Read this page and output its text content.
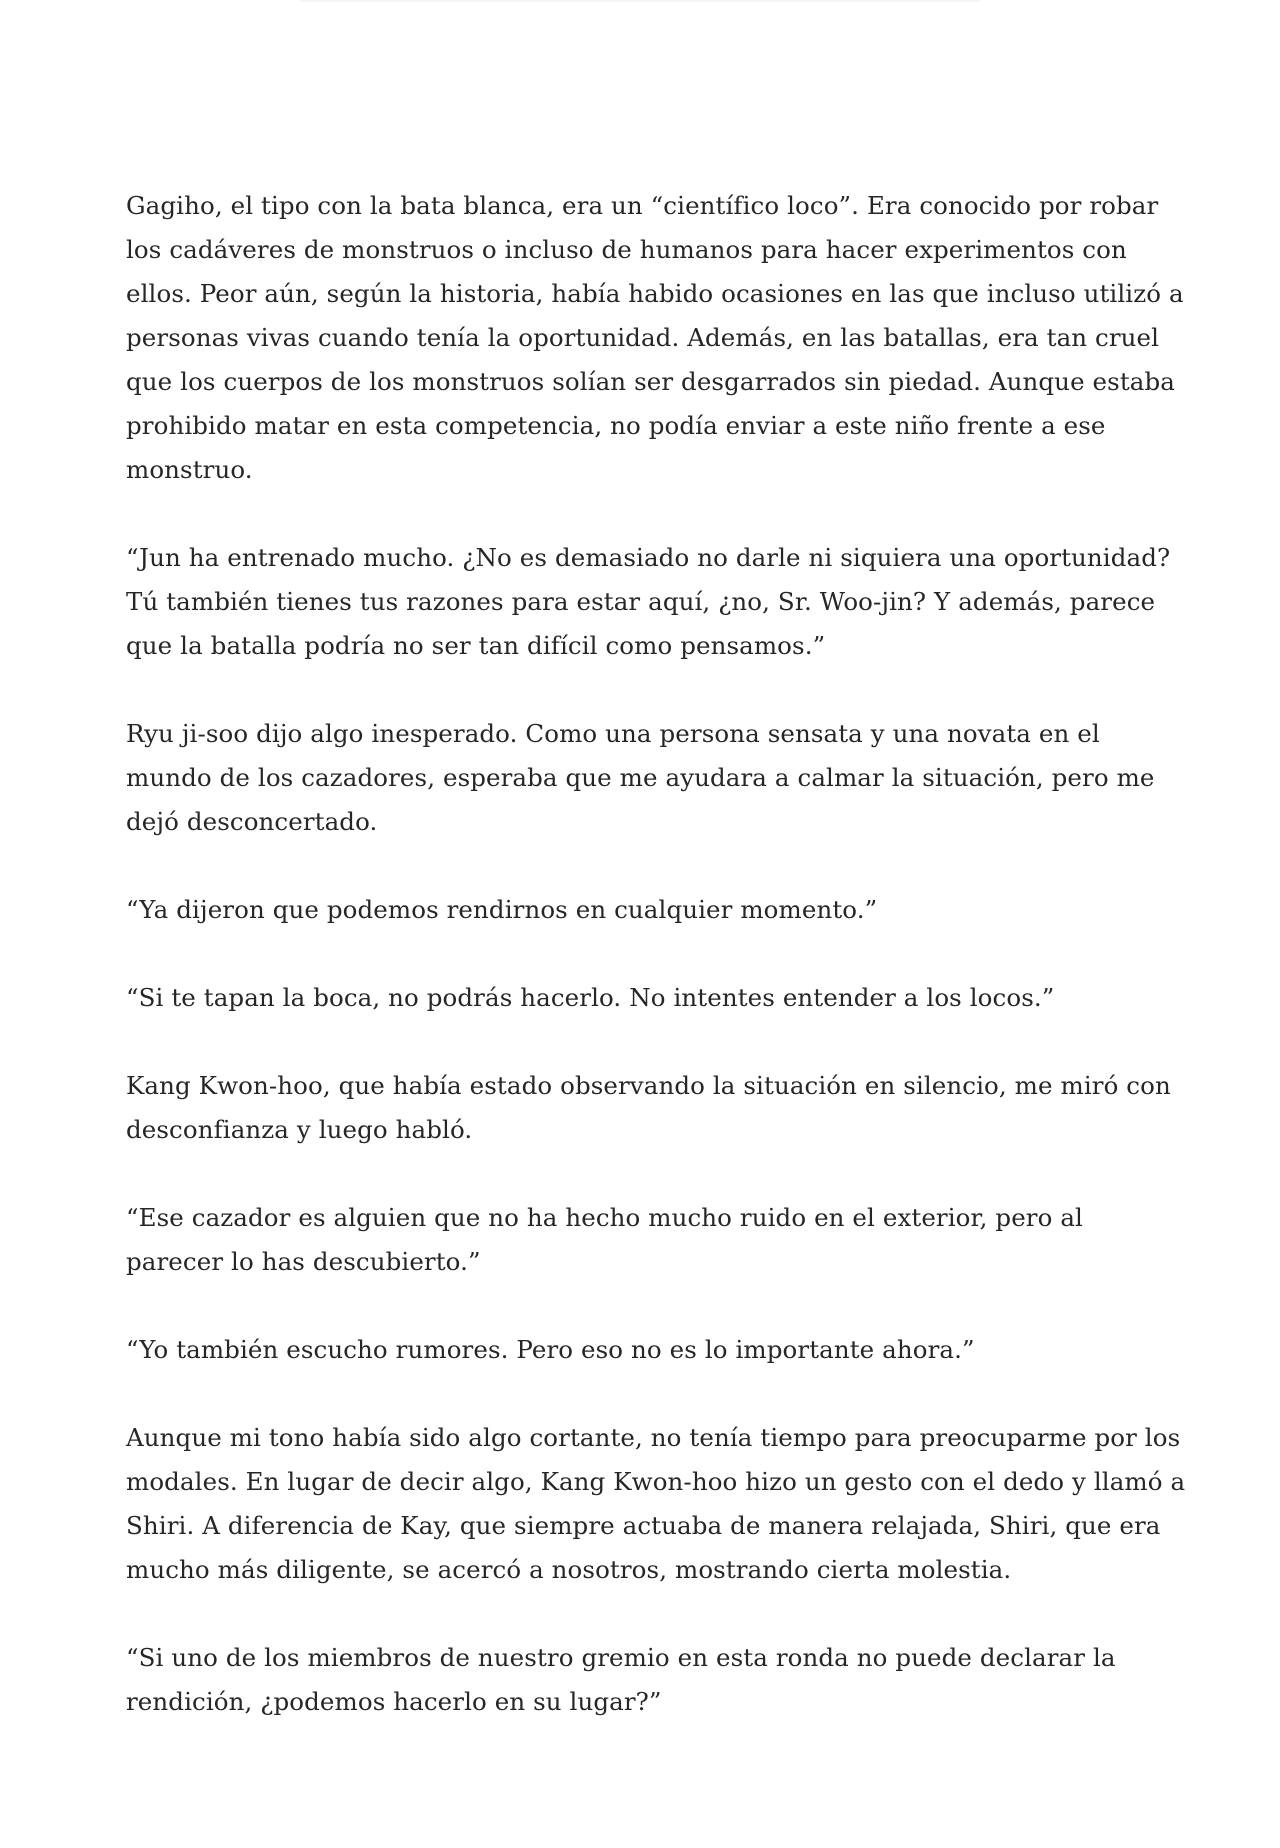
Gagiho, el tipo con la bata blanca, era un “científico loco”. Era conocido por robar los cadáveres de monstruos o incluso de humanos para hacer experimentos con ellos. Peor aún, según la historia, había habido ocasiones en las que incluso utilizó a personas vivas cuando tenía la oportunidad. Además, en las batallas, era tan cruel que los cuerpos de los monstruos solían ser desgarrados sin piedad. Aunque estaba prohibido matar en esta competencia, no podía enviar a este niño frente a ese monstruo.

“Jun ha entrenado mucho. ¿No es demasiado no darle ni siquiera una oportunidad? Tú también tienes tus razones para estar aquí, ¿no, Sr. Woo-jin? Y además, parece que la batalla podría no ser tan difícil como pensamos.”

Ryu ji-soo dijo algo inesperado. Como una persona sensata y una novata en el mundo de los cazadores, esperaba que me ayudara a calmar la situación, pero me dejó desconcertado.

“Ya dijeron que podemos rendirnos en cualquier momento.”

“Si te tapan la boca, no podrás hacerlo. No intentes entender a los locos.”

Kang Kwon-hoo, que había estado observando la situación en silencio, me miró con desconfianza y luego habló.

“Ese cazador es alguien que no ha hecho mucho ruido en el exterior, pero al parecer lo has descubierto.”

“Yo también escucho rumores. Pero eso no es lo importante ahora.”

Aunque mi tono había sido algo cortante, no tenía tiempo para preocuparme por los modales. En lugar de decir algo, Kang Kwon-hoo hizo un gesto con el dedo y llamó a Shiri. A diferencia de Kay, que siempre actuaba de manera relajada, Shiri, que era mucho más diligente, se acercó a nosotros, mostrando cierta molestia.

“Si uno de los miembros de nuestro gremio en esta ronda no puede declarar la rendición, ¿podemos hacerlo en su lugar?”
